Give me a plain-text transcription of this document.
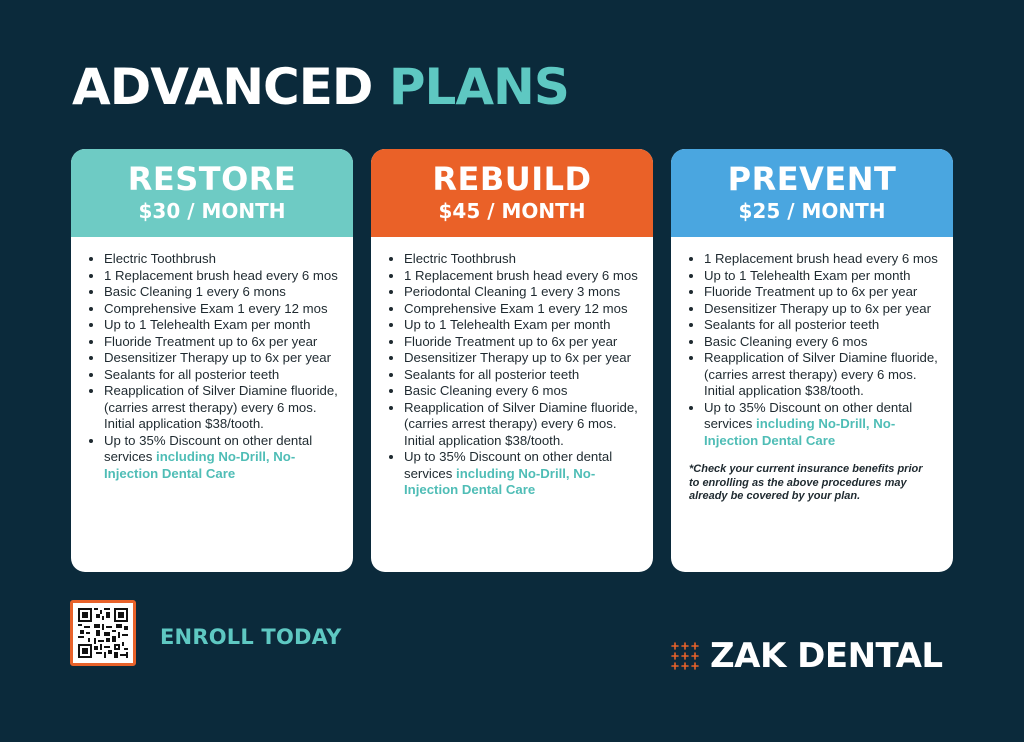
ADVANCED PLANS
RESTORE
$30 / MONTH
• Electric Toothbrush
• 1 Replacement brush head every 6 mos
• Basic Cleaning 1 every 6 mons
• Comprehensive Exam 1 every 12 mos
• Up to 1 Telehealth Exam per month
• Fluoride Treatment up to 6x per year
• Desensitizer Therapy up to 6x per year
• Sealants for all posterior teeth
• Reapplication of Silver Diamine fluoride, (carries arrest therapy) every 6 mos. Initial application $38/tooth.
• Up to 35% Discount on other dental services including No-Drill, No-Injection Dental Care
REBUILD
$45 / MONTH
• Electric Toothbrush
• 1 Replacement brush head every 6 mos
• Periodontal Cleaning 1 every 3 mons
• Comprehensive Exam 1 every 12 mos
• Up to 1 Telehealth Exam per month
• Fluoride Treatment up to 6x per year
• Desensitizer Therapy up to 6x per year
• Sealants for all posterior teeth
• Basic Cleaning every 6 mos
• Reapplication of Silver Diamine fluoride, (carries arrest therapy) every 6 mos. Initial application $38/tooth.
• Up to 35% Discount on other dental services including No-Drill, No-Injection Dental Care
PREVENT
$25 / MONTH
• 1 Replacement brush head every 6 mos
• Up to 1 Telehealth Exam per month
• Fluoride Treatment up to 6x per year
• Desensitizer Therapy up to 6x per year
• Sealants for all posterior teeth
• Basic Cleaning every 6 mos
• Reapplication of Silver Diamine fluoride, (carries arrest therapy) every 6 mos. Initial application $38/tooth.
• Up to 35% Discount on other dental services including No-Drill, No-Injection Dental Care
*Check your current insurance benefits prior to enrolling as the above procedures may already be covered by your plan.
ENROLL TODAY	ZAK DENTAL
